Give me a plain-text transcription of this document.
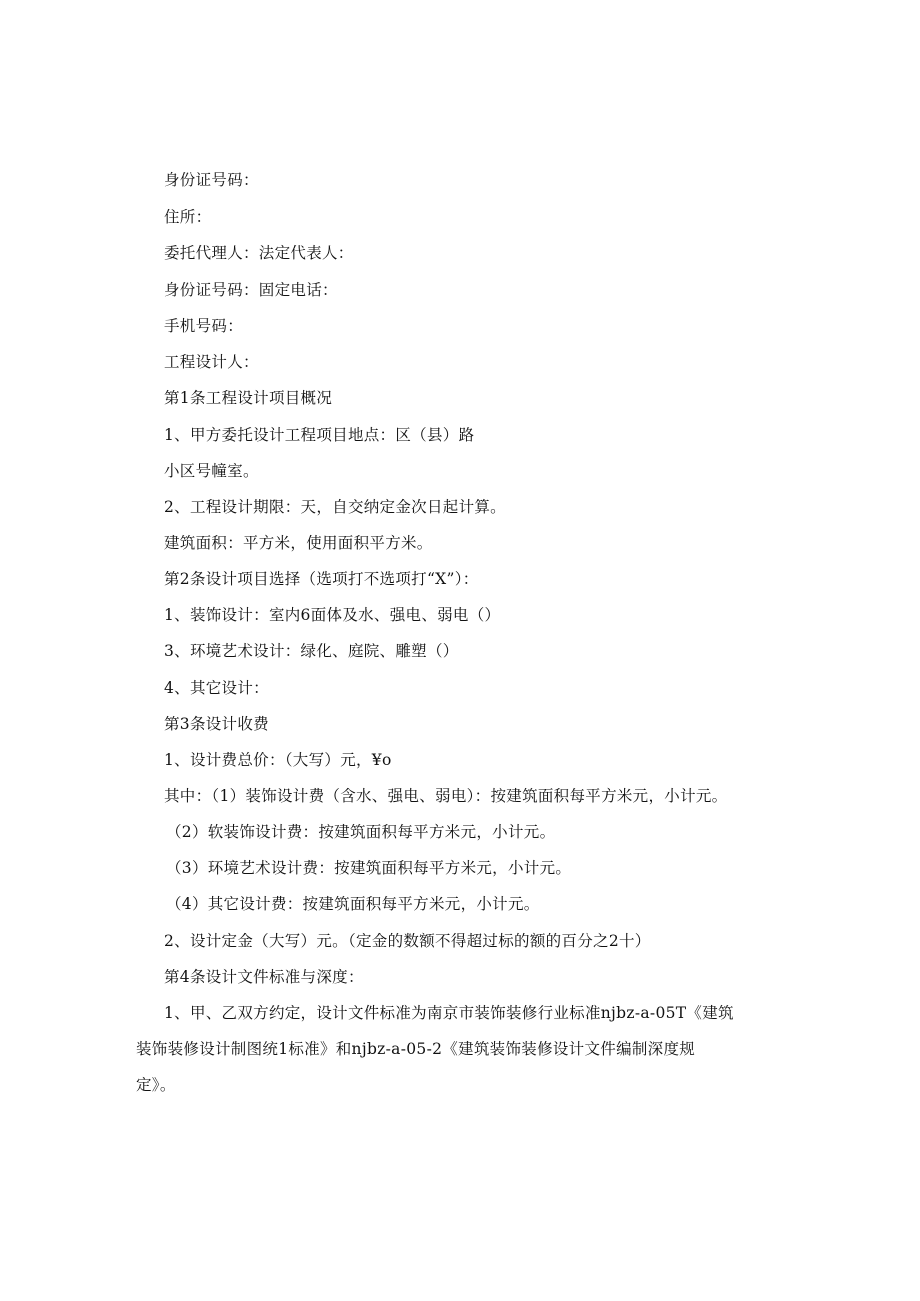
身份证号码：
住所：
委托代理人：法定代表人：
身份证号码：固定电话：
手机号码：
工程设计人：
第1条工程设计项目概况
1、甲方委托设计工程项目地点：区（县）路
小区号幢室。
2、工程设计期限：天，自交纳定金次日起计算。
建筑面积：平方米，使用面积平方米。
第2条设计项目选择（选项打不选项打“X”）：
1、装饰设计：室内6面体及水、强电、弱电（）
3、环境艺术设计：绿化、庭院、雕塑（）
4、其它设计：
第3条设计收费
1、设计费总价：（大写）元，¥o
其中：（1）装饰设计费（含水、强电、弱电）：按建筑面积每平方米元，小计元。
（2）软装饰设计费：按建筑面积每平方米元，小计元。
（3）环境艺术设计费：按建筑面积每平方米元，小计元。
（4）其它设计费：按建筑面积每平方米元，小计元。
2、设计定金（大写）元。（定金的数额不得超过标的额的百分之2十）
第4条设计文件标准与深度：
1、甲、乙双方约定，设计文件标准为南京市装饰装修行业标准njbz-a-05T《建筑
装饰装修设计制图统1标准》和njbz-a-05-2《建筑装饰装修设计文件编制深度规
定》。
